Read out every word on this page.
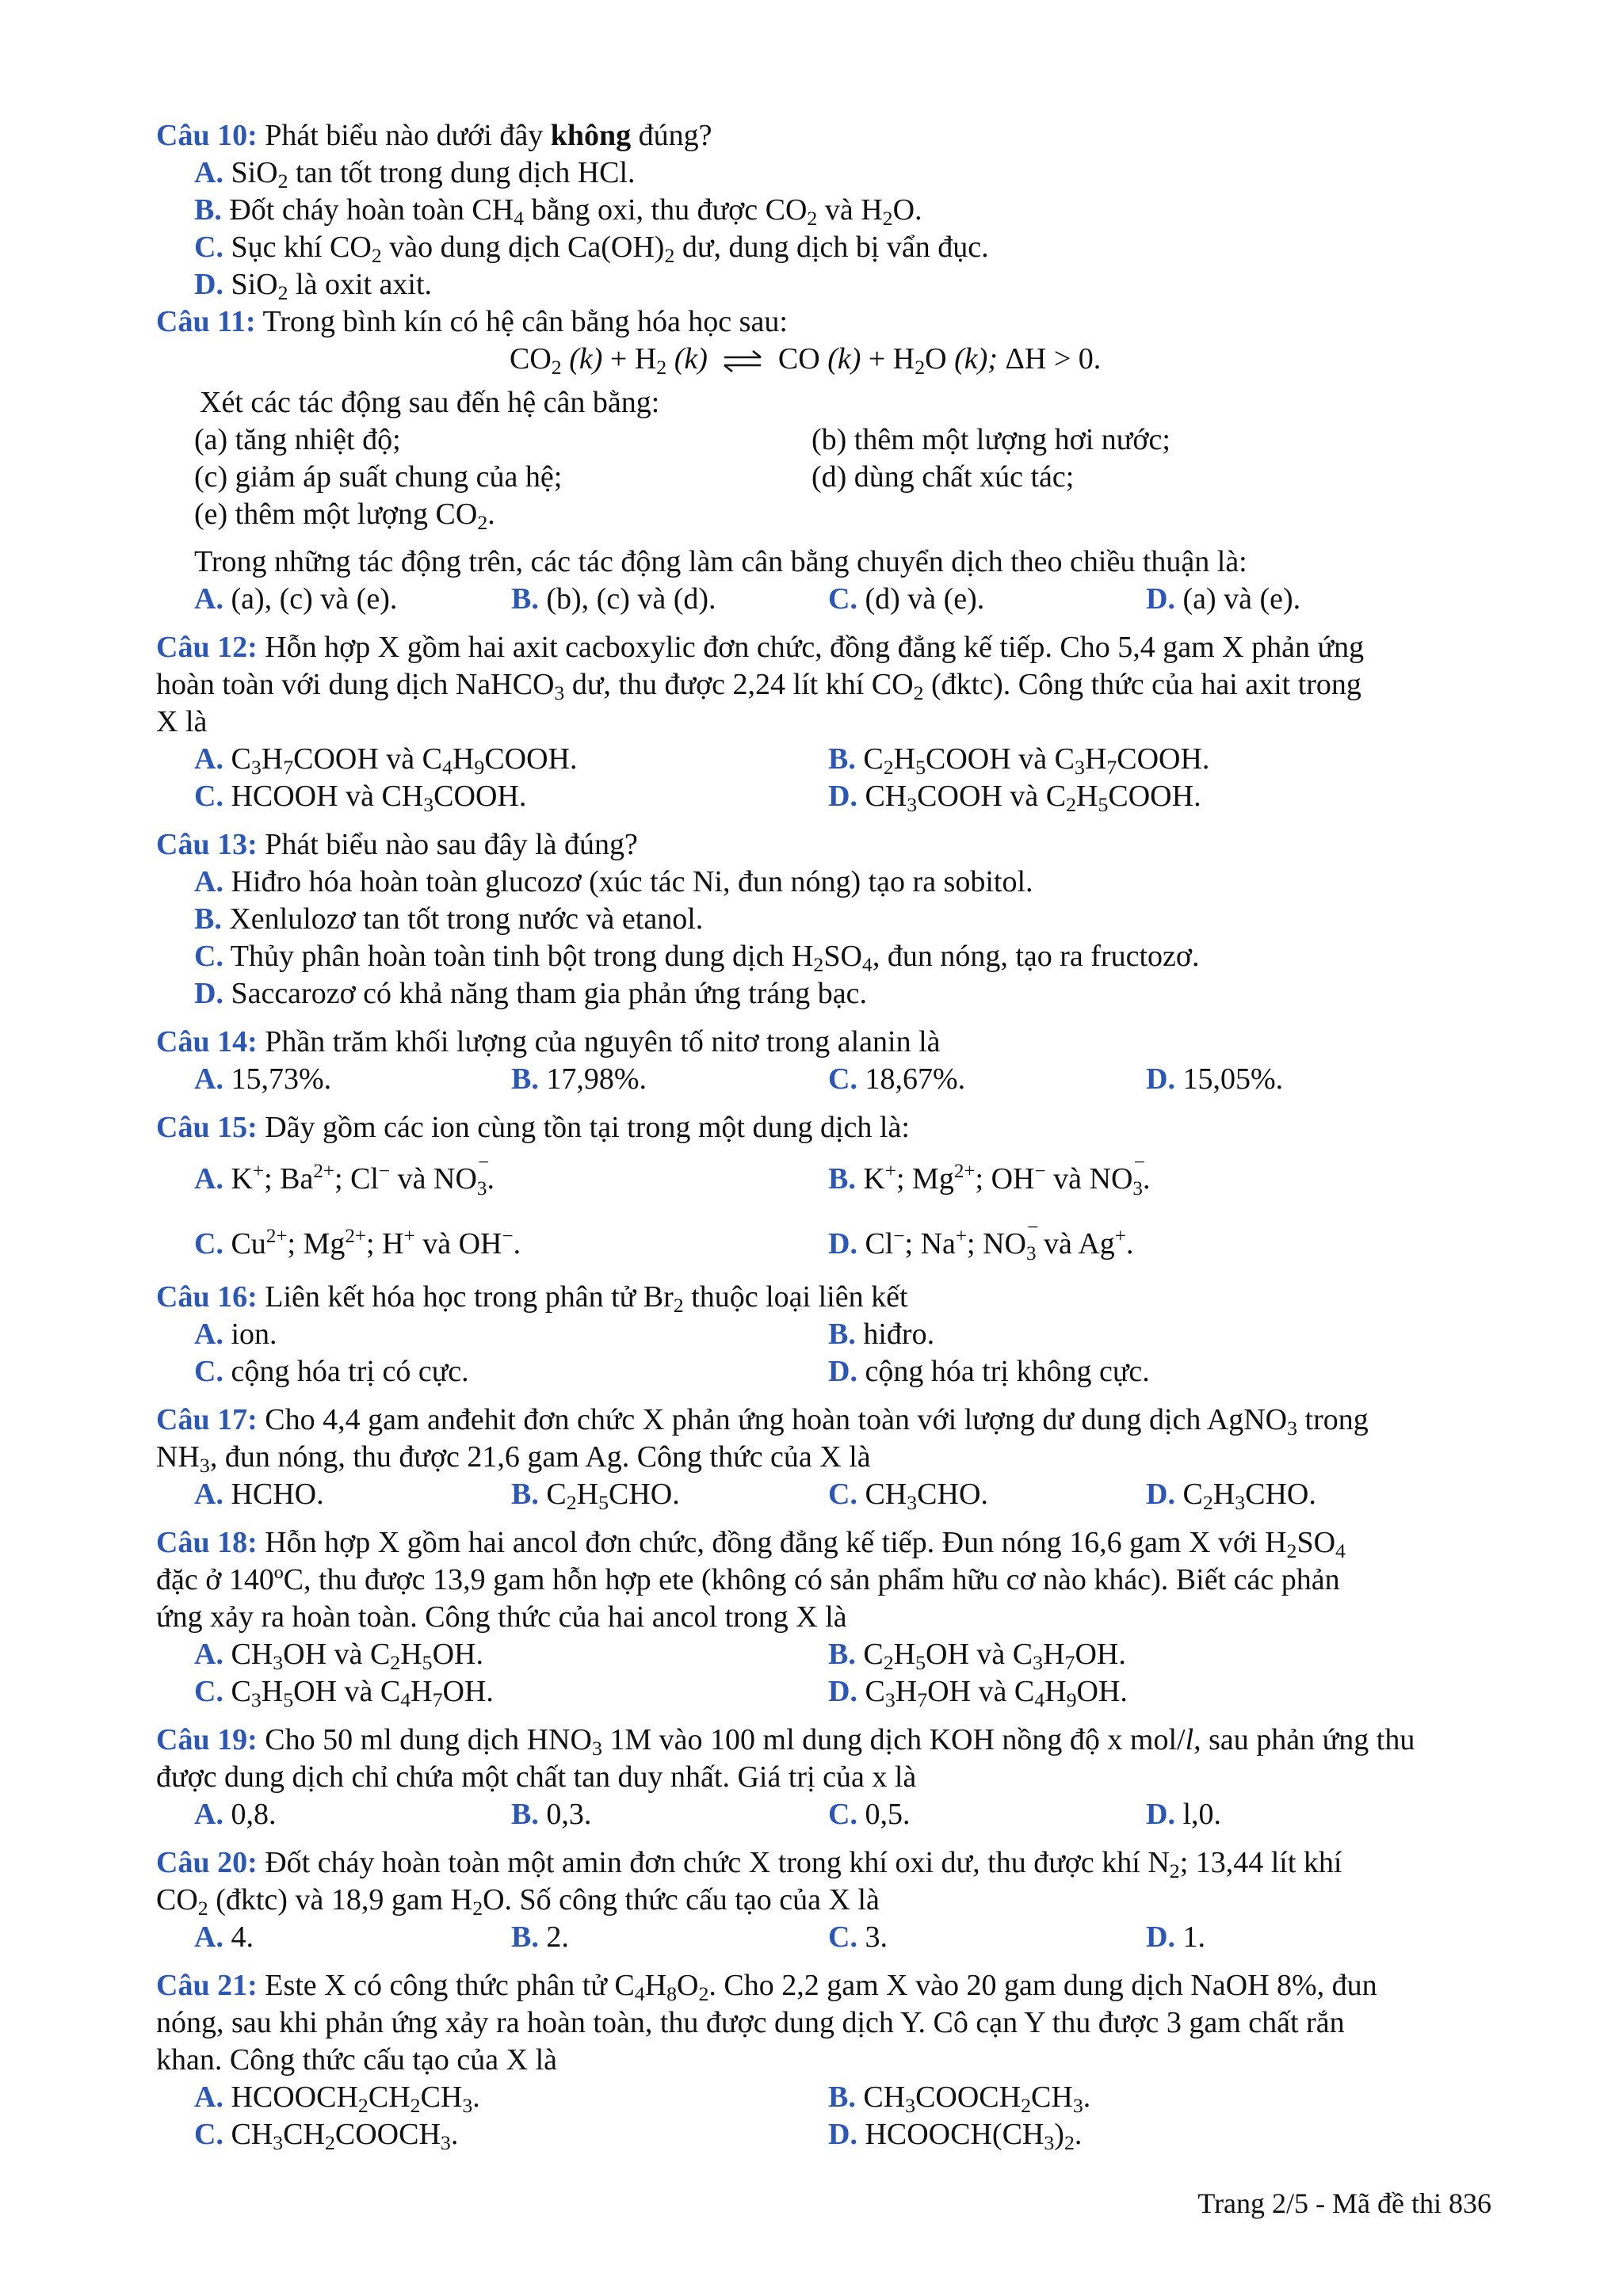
Câu 10: Phát biểu nào dưới đây không đúng?
A. SiO$_2$ tan tốt trong dung dịch HCl.
B. Đốt cháy hoàn toàn $CH_4$ bằng oxi, thu được $CO_2$ và $H_2O$.
C. Sục khí $CO_2$ vào dung dịch $Ca(OH)_2$ dư, dung dịch bị vẩn đục.
D. SiO$_2$ là oxit axit.
Câu 11: Trong bình kín có hệ cân bằng hóa học sau:
$CO_2$ $(k) + H_2$ (k) ⇌ CO $(k) + H_2O$ (k); ΔH > 0.
Xét các tác động sau đến hệ cân bằng:
(a) tăng nhiệt độ;	(b) thêm một lượng hơi nước;
(c) giảm áp suất chung của hệ;	(d) dùng chất xúc tác;
(e) thêm một lượng $CO_2$.
Trong những tác động trên, các tác động làm cân bằng chuyển dịch theo chiều thuận là:
A. (a), (c) và (e).	B. (b), (c) và (d).	C. (d) và (e).	D. (a) và (e).
Câu 12: Hỗn hợp X gồm hai axit cacboxylic đơn chức, đồng đẳng kế tiếp. Cho 5,4 gam X phản ứng
hoàn toàn với dung dịch NaHCO$_3$ dư, thu được 2,24 lít khí $CO_2$ (đktc). Công thức của hai axit trong
X là
A. $C_3H_7COOH$ và $C_4H_9COOH$.	B. $C_2H_5COOH$ và $C_3H_7COOH$.
C. HCOOH và $CH_3COOH$.	D. $CH_3COOH$ và $C_2H_5COOH$.
Câu 13: Phát biểu nào sau đây là đúng?
A. Hiđro hóa hoàn toàn glucozơ (xúc tác Ni, đun nóng) tạo ra sobitol.
B. Xenlulozơ tan tốt trong nước và etanol.
C. Thủy phân hoàn toàn tinh bột trong dung dịch $H_2SO_4$, đun nóng, tạo ra fructozơ.
D. Saccarozơ có khả năng tham gia phản ứng tráng bạc.
Câu 14: Phần trăm khối lượng của nguyên tố nitơ trong alanin là
A. 15,73%.	B. 17,98%.	C. 18,67%.	D. 15,05%.
Câu 15: Dãy gồm các ion cùng tồn tại trong một dung dịch là:
A. K+; $Ba^{2+}$; Cl− và NO −
$_3$.	B. K+; $Mg^{2+}$; OH− và NO −
$_3$.
C. $Cu^{2+}$; $Mg^{2+}$; H+ và OH−.	D. Cl−; Na+; NO −
$_3$ và Ag+.
Câu 16: Liên kết hóa học trong phân tử $Br_2$ thuộc loại liên kết
A. ion.	B. hiđro.
C. cộng hóa trị có cực.	D. cộng hóa trị không cực.
Câu 17: Cho 4,4 gam anđehit đơn chức X phản ứng hoàn toàn với lượng dư dung dịch AgNO$_3$ trong
$NH_3$, đun nóng, thu được 21,6 gam Ag. Công thức của X là
A. HCHO.	B. $C_2H_5CHO$.	C. $CH_3CHO$.	D. $C_2H_3CHO$.
Câu 18: Hỗn hợp X gồm hai ancol đơn chức, đồng đẳng kế tiếp. Đun nóng 16,6 gam X với $H_2SO_4$
đặc ở 140ºC, thu được 13,9 gam hỗn hợp ete (không có sản phẩm hữu cơ nào khác). Biết các phản
ứng xảy ra hoàn toàn. Công thức của hai ancol trong X là
A. $CH_3OH$ và $C_2H_5OH$.	B. $C_2H_5OH$ và $C_3H_7OH$.
C. $C_3H_5OH$ và $C_4H_7OH$.	D. $C_3H_7OH$ và $C_4H_9OH$.
Câu 19: Cho 50 ml dung dịch $HNO_3$ 1M vào 100 ml dung dịch KOH nồng độ x mol/l, sau phản ứng thu
được dung dịch chỉ chứa một chất tan duy nhất. Giá trị của x là
A. 0,8.	B. 0,3.	C. 0,5.	D. l,0.
Câu 20: Đốt cháy hoàn toàn một amin đơn chức X trong khí oxi dư, thu được khí $N_2$; 13,44 lít khí
$CO_2$ (đktc) và 18,9 gam $H_2O$. Số công thức cấu tạo của X là
A. 4.	B. 2.	C. 3.	D. 1.
Câu 21: Este X có công thức phân tử $C_4H_8O_2$. Cho 2,2 gam X vào 20 gam dung dịch NaOH 8%, đun
nóng, sau khi phản ứng xảy ra hoàn toàn, thu được dung dịch Y. Cô cạn Y thu được 3 gam chất rắn
khan. Công thức cấu tạo của X là
A. $HCOOCH_2CH_2CH_3$.	B. $CH_3COOCH_2CH_3$.
C. $CH_3CH_2COOCH_3$.	D. $HCOOCH(CH_3)_2$.
Trang 2/5 - Mã đề thi 836
